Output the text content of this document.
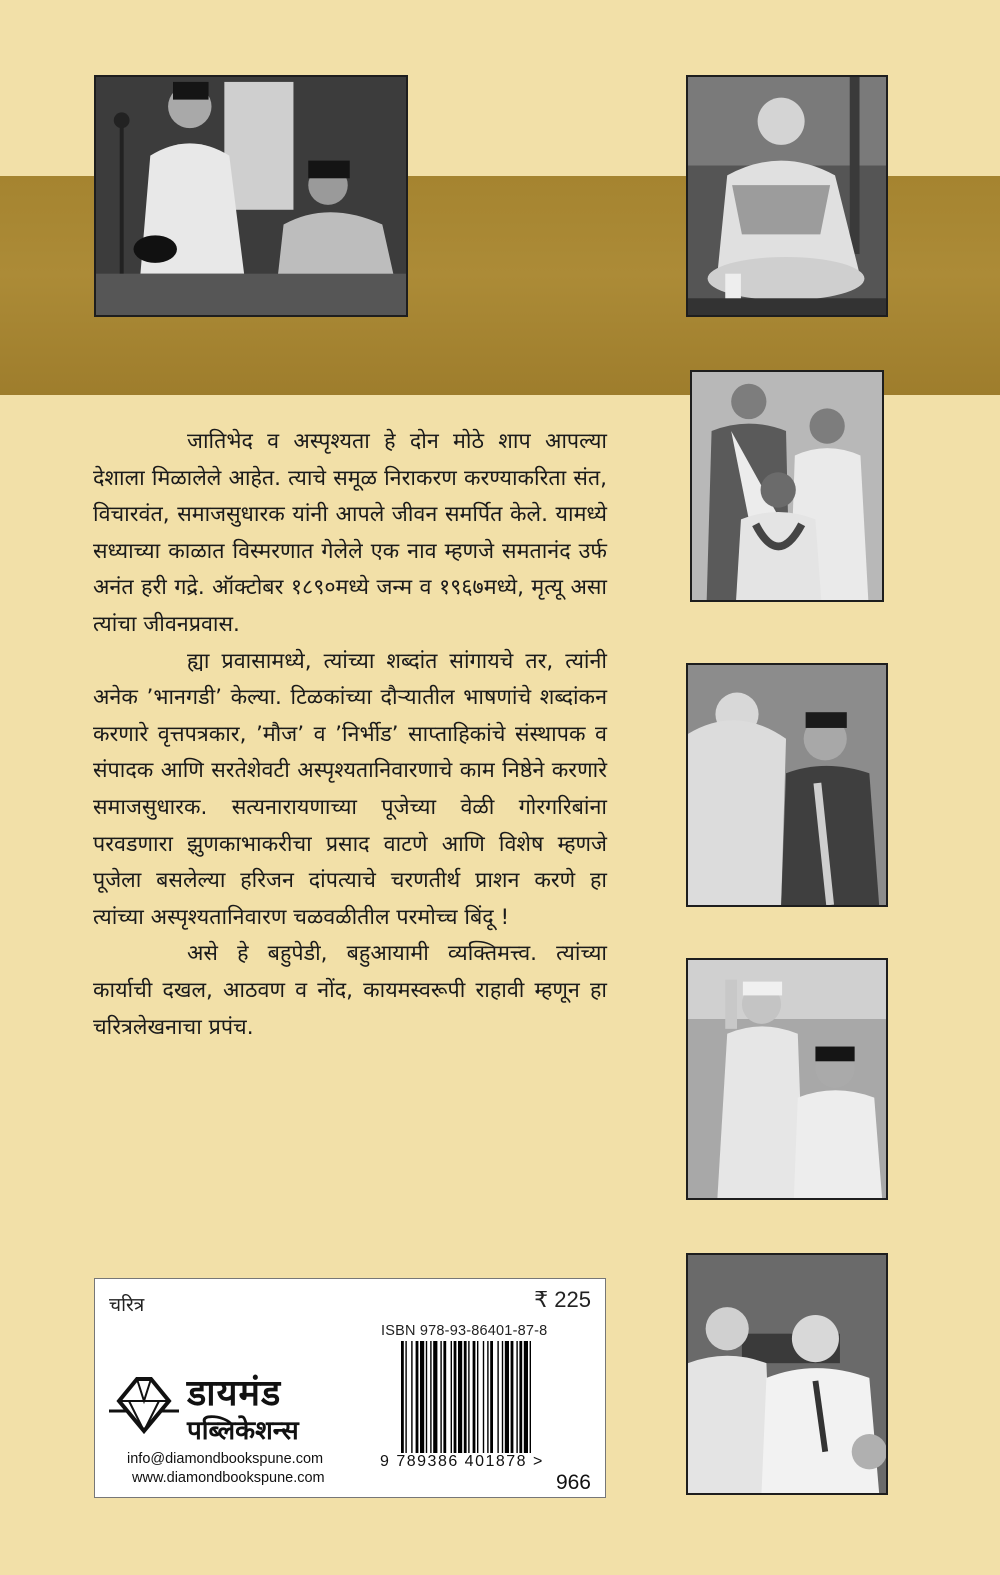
जातिभेद व अस्पृश्यता हे दोन मोठे शाप आपल्या देशाला मिळालेले आहेत. त्याचे समूळ निराकरण करण्याकरिता संत, विचारवंत, समाजसुधारक यांनी आपले जीवन समर्पित केले. यामध्ये सध्याच्या काळात विस्मरणात गेलेले एक नाव म्हणजे समतानंद उर्फ अनंत हरी गद्रे. ऑक्टोबर १८९०मध्ये जन्म व १९६७मध्ये, मृत्यू असा त्यांचा जीवनप्रवास.

ह्या प्रवासामध्ये, त्यांच्या शब्दांत सांगायचे तर, त्यांनी अनेक ’भानगडी’ केल्या. टिळकांच्या दौऱ्यातील भाषणांचे शब्दांकन करणारे वृत्तपत्रकार, ’मौज’ व ’निर्भीड’ साप्ताहिकांचे संस्थापक व संपादक आणि सरतेशेवटी अस्पृश्यतानिवारणाचे काम निष्ठेने करणारे समाजसुधारक. सत्यनारायणाच्या पूजेच्या वेळी गोरगरिबांना परवडणारा झुणकाभाकरीचा प्रसाद वाटणे आणि विशेष म्हणजे पूजेला बसलेल्या हरिजन दांपत्याचे चरणतीर्थ प्राशन करणे हा त्यांच्या अस्पृश्यतानिवारण चळवळीतील परमोच्च बिंदू !

असे हे बहुपेडी, बहुआयामी व्यक्तिमत्त्व. त्यांच्या कार्याची दखल, आठवण व नोंद, कायमस्वरूपी राहावी म्हणून हा चरित्रलेखनाचा प्रपंच.

चरित्र	₹ 225
ISBN 978-93-86401-87-8
9 789386 401878 >
966
डायमंड
पब्लिकेशन्स
info@diamondbookspune.com
www.diamondbookspune.com
